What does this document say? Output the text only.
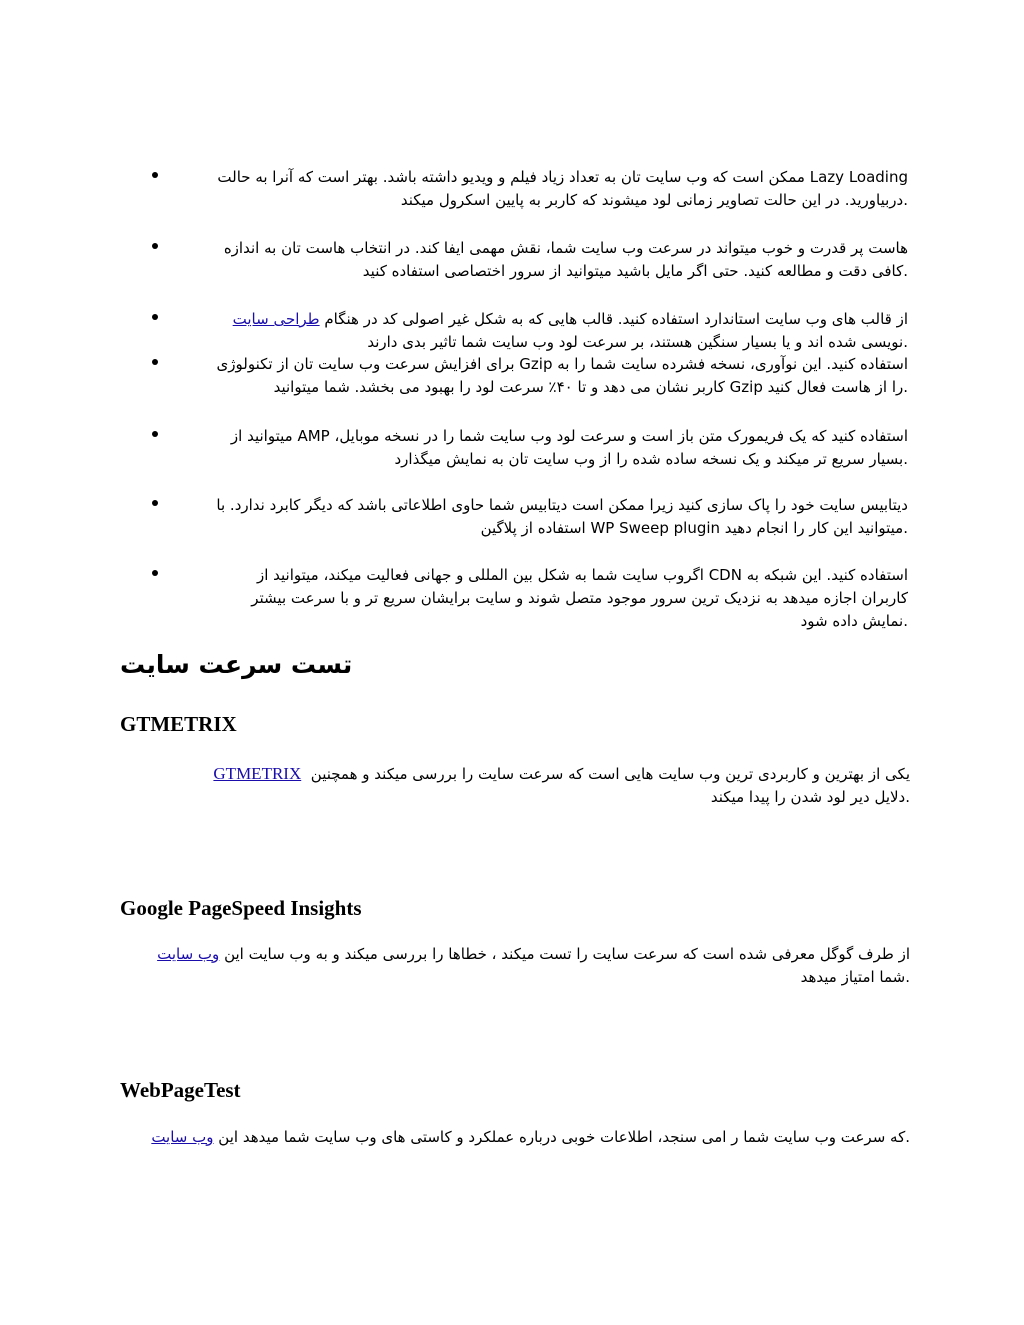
Lazy Loading ممکن است که وب سایت تان به تعداد زیاد فیلم و ویدیو داشته باشد. بهتر است که آنرا به حالت
.دربیاورید. در این حالت تصاویر زمانی لود میشوند که کاربر به پایین اسکرول میکند
هاست پر قدرت و خوب میتواند در سرعت وب سایت شما، نقش مهمی ایفا کند. در انتخاب هاست تان به اندازه
.کافی دقت و مطالعه کنید. حتی اگر مایل باشید میتوانید از سرور اختصاصی استفاده کنید
از قالب های وب سایت استاندارد استفاده کنید. قالب هایی که به شکل غیر اصولی کد در هنگام طراحی سایت
.نویسی شده اند و یا بسیار سنگین هستند، بر سرعت لود وب سایت شما تاثیر بدی دارند
استفاده کنید. این نوآوری، نسخه فشرده سایت شما را به Gzip برای افزایش سرعت وب سایت تان از تکنولوژی
.را از هاست فعال کنید Gzip کاربر نشان می دهد و تا ۴۰٪ سرعت لود را بهبود می بخشد. شما میتوانید
استفاده کنید که یک فریمورک متن باز است و سرعت لود وب سایت شما را در نسخه موبایل، AMP میتوانید از
.بسیار سریع تر میکند و یک نسخه ساده شده را از وب سایت تان به نمایش میگذارد
دیتابیس سایت خود را پاک سازی کنید زیرا ممکن است دیتابیس شما حاوی اطلاعاتی باشد که دیگر کابرد ندارد. با
.میتوانید این کار را انجام دهید WP Sweep plugin استفاده از پلاگین
استفاده کنید. این شبکه به CDN اگروب سایت شما به شکل بین المللی و جهانی فعالیت میکند، میتوانید از
کاربران اجازه میدهد به نزدیک ترین سرور موجود متصل شوند و سایت برایشان سریع تر و با سرعت بیشتر
.نمایش داده شود
تست سرعت سایت
GTMETRIX
یکی از بهترین و کاربردی ترین وب سایت هایی است که سرعت سایت را بررسی میکند و همچنین  GTMETRIX
.دلایل دیر لود شدن را پیدا میکند
Google PageSpeed Insights
از طرف گوگل معرفی شده است که سرعت سایت را تست میکند ، خطاها را بررسی میکند و به وب سایت این وب سایت
.شما امتیاز میدهد
WebPageTest
.که سرعت وب سایت شما ر امی سنجد، اطلاعات خوبی درباره عملکرد و کاستی های وب سایت شما میدهد این وب سایت
